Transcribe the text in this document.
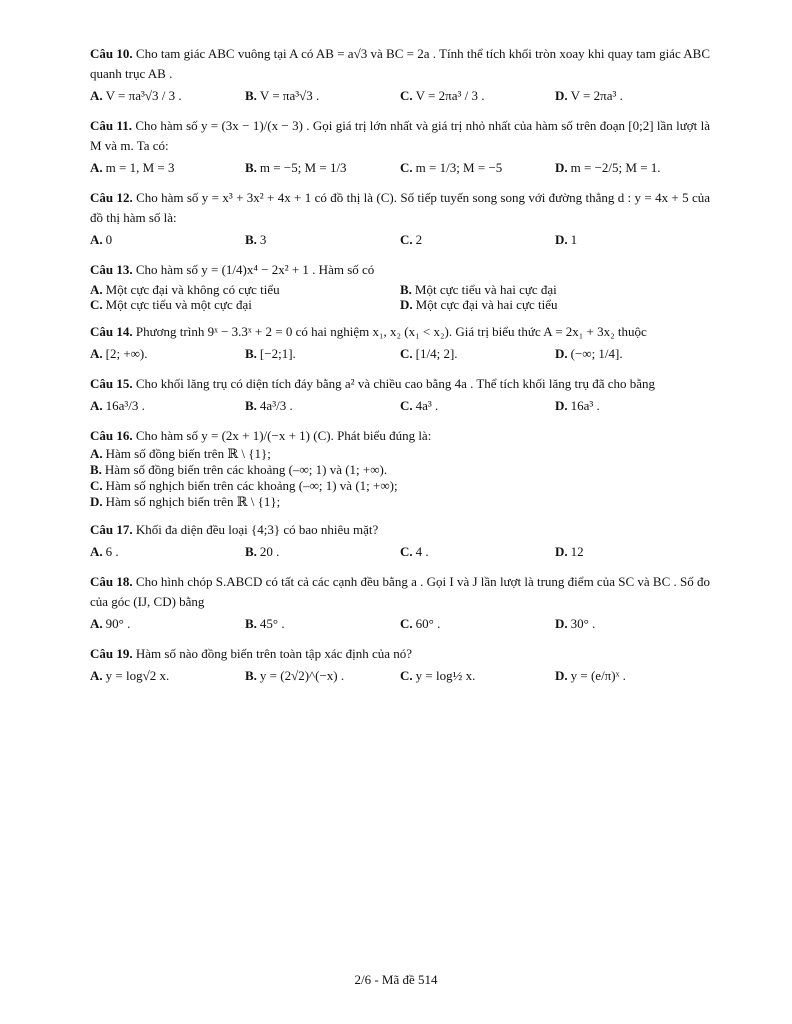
Câu 10. Cho tam giác ABC vuông tại A có AB = a√3 và BC = 2a . Tính thể tích khối tròn xoay khi quay tam giác ABC quanh trục AB .
A. V = πa³√3 / 3 .	B. V = πa³√3 .	C. V = 2πa³ / 3 .	D. V = 2πa³ .
Câu 11. Cho hàm số y = (3x − 1)/(x − 3) . Gọi giá trị lớn nhất và giá trị nhỏ nhất của hàm số trên đoạn [0;2] lần lượt là M và m. Ta có:
A. m = 1, M = 3	B. m = −5; M = 1/3	C. m = 1/3; M = −5	D. m = −2/5; M = 1.
Câu 12. Cho hàm số y = x³ + 3x² + 4x + 1 có đồ thị là (C). Số tiếp tuyến song song với đường thẳng d : y = 4x + 5 của đồ thị hàm số là:
A. 0	B. 3	C. 2	D. 1
Câu 13. Cho hàm số y = (1/4)x⁴ − 2x² + 1 . Hàm số có
A. Một cực đại và không có cực tiểu	B. Một cực tiểu và hai cực đại
C. Một cực tiểu và một cực đại	D. Một cực đại và hai cực tiểu
Câu 14. Phương trình 9ˣ − 3.3ˣ + 2 = 0 có hai nghiệm x₁, x₂ (x₁ < x₂). Giá trị biểu thức A = 2x₁ + 3x₂ thuộc
A. [2; +∞).	B. [−2;1].	C. [1/4; 2].	D. (−∞; 1/4].
Câu 15. Cho khối lăng trụ có diện tích đáy bằng a² và chiều cao bằng 4a . Thể tích khối lăng trụ đã cho bằng
A. 16a³/3 .	B. 4a³/3 .	C. 4a³ .	D. 16a³ .
Câu 16. Cho hàm số y = (2x + 1)/(−x + 1) (C). Phát biểu đúng là:
A. Hàm số đồng biến trên ℝ \ {1};
B. Hàm số đồng biến trên các khoảng (–∞; 1) và (1; +∞).
C. Hàm số nghịch biến trên các khoảng (–∞; 1) và (1; +∞);
D. Hàm số nghịch biến trên ℝ \ {1};
Câu 17. Khối đa diện đều loại {4;3} có bao nhiêu mặt?
A. 6 .	B. 20 .	C. 4 .	D. 12
Câu 18. Cho hình chóp S.ABCD có tất cả các cạnh đều bằng a . Gọi I và J lần lượt là trung điểm của SC và BC . Số đo của góc (IJ, CD) bằng
A. 90° .	B. 45° .	C. 60° .	D. 30° .
Câu 19. Hàm số nào đồng biến trên toàn tập xác định của nó?
A. y = log√2 x.	B. y = (2√2)^(−x) .	C. y = log½ x.	D. y = (e/π)ˣ .
2/6 - Mã đề 514
